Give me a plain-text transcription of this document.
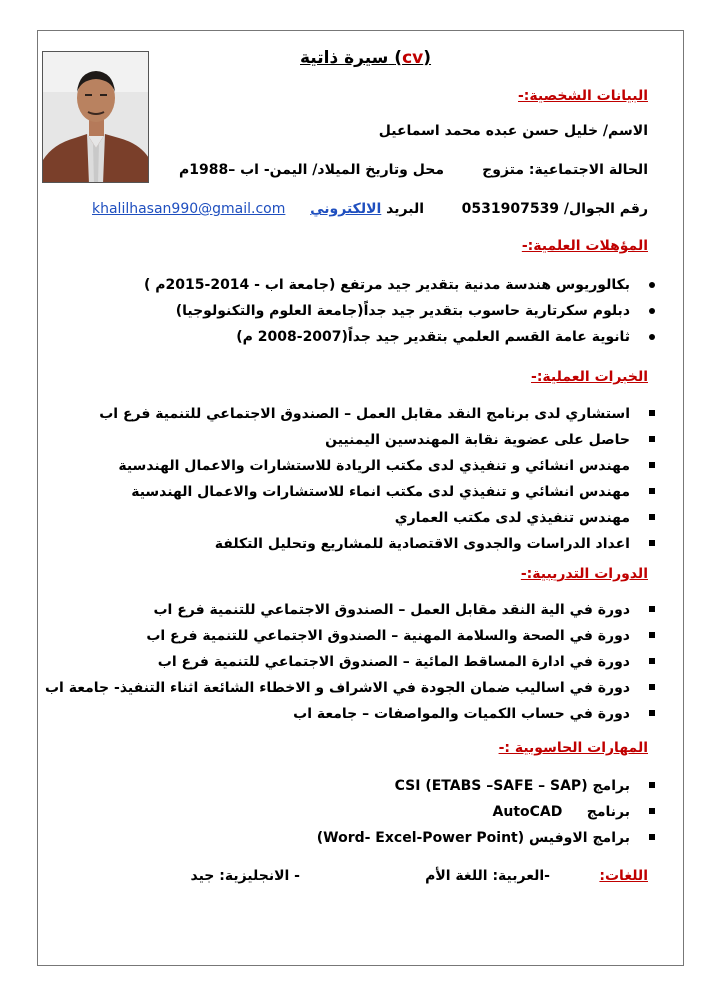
سيرة ذاتية (cv)
البيانات الشخصية:-
الاسم/ خليل حسن عبده محمد اسماعيل
الحالة الاجتماعية: متزوج
محل وتاريخ الميلاد/ اليمن- اب –1988م
رقم الجوال/ 0531907539
البريد الالكتروني
khalilhasan990@gmail.com
المؤهلات العلمية:-
بكالوريوس هندسة مدنية بتقدير جيد مرتفع (جامعة اب - 2014-2015م )
دبلوم سكرتارية حاسوب بتقدير جيد جداً(جامعة العلوم والتكنولوجيا)
ثانوية عامة القسم العلمي بتقدير جيد جداً(2007-2008 م)
الخبرات العملية:-
استشاري لدى برنامج النقد مقابل العمل – الصندوق الاجتماعي للتنمية فرع اب
حاصل على عضوية نقابة المهندسين اليمنيين
مهندس انشائي و تنفيذي لدى مكتب الريادة للاستشارات والاعمال الهندسية
مهندس انشائي و تنفيذي لدى مكتب انماء للاستشارات والاعمال الهندسية
مهندس تنفيذي لدى مكتب العماري
اعداد الدراسات والجدوى الاقتصادية للمشاريع وتحليل التكلفة
الدورات التدريبية:-
دورة في الية النقد مقابل العمل – الصندوق الاجتماعي للتنمية فرع اب
دورة في الصحة والسلامة المهنية – الصندوق الاجتماعي للتنمية فرع اب
دورة في ادارة المساقط المائية – الصندوق الاجتماعي للتنمية فرع اب
دورة في اساليب ضمان الجودة في الاشراف و الاخطاء الشائعة اثناء التنفيذ- جامعة اب
دورة في حساب الكميات والمواصفات – جامعة اب
المهارات الحاسوبية :-
برامج CSI (ETABS –SAFE – SAP)
برنامج     AutoCAD
برامج الاوفيس (Word- Excel-Power Point)
اللغات:
-العربية: اللغة الأم
- الانجليزية: جيد
